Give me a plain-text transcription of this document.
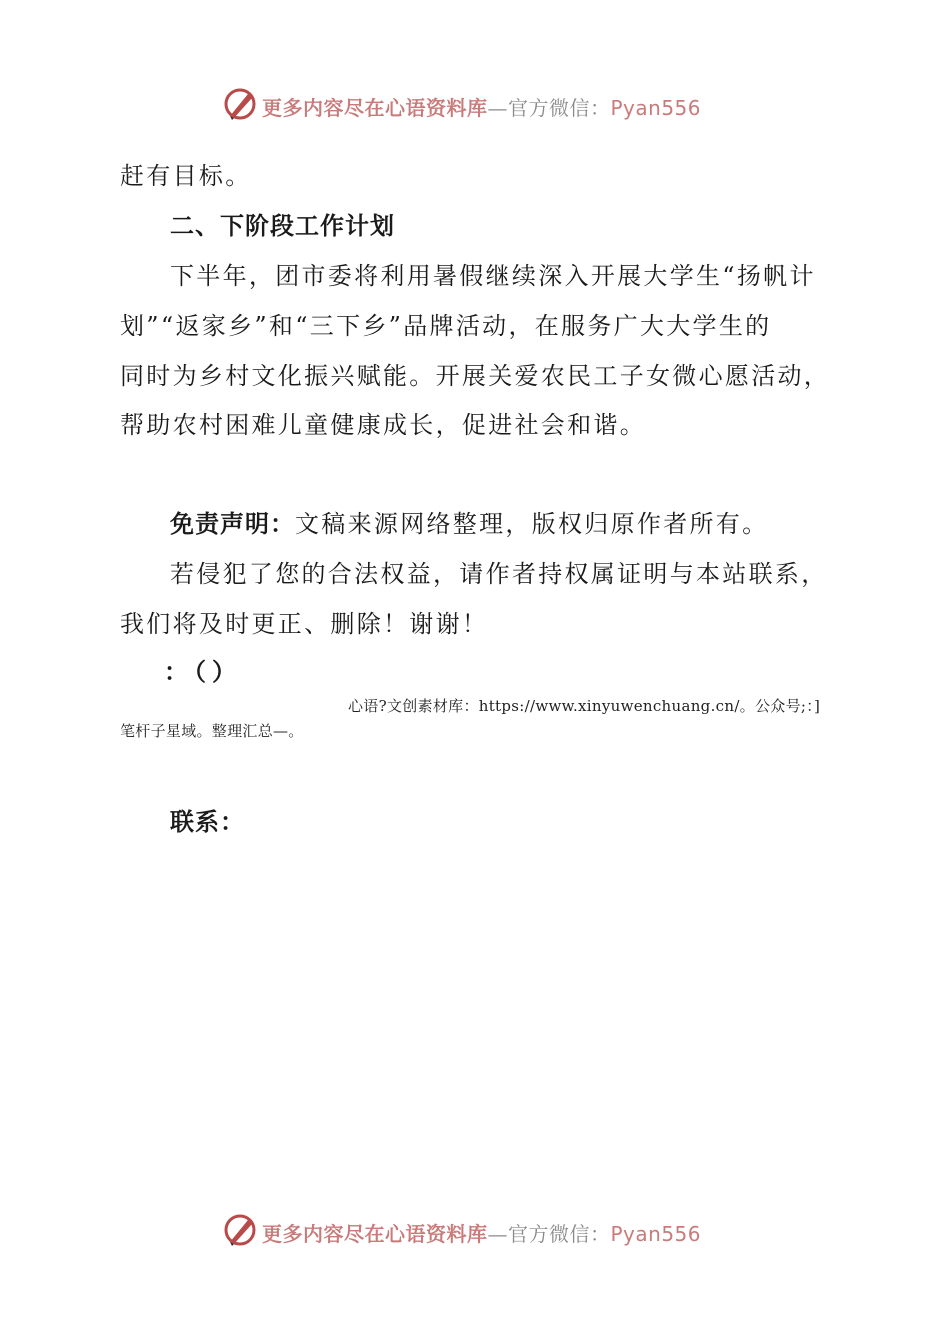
更多内容尽在心语资料库—官方微信：Pyan556
赶有目标。
二、下阶段工作计划
下半年，团市委将利用暑假继续深入开展大学生“扬帆计
划”“返家乡”和“三下乡”品牌活动，在服务广大大学生的
同时为乡村文化振兴赋能。开展关爱农民工子女微心愿活动，
帮助农村困难儿童健康成长，促进社会和谐。
免责声明：文稿来源网络整理，版权归原作者所有。
若侵犯了您的合法权益，请作者持权属证明与本站联系，
我们将及时更正、删除！谢谢！
：（）
心语?文创素材库：https://www.xinyuwenchuang.cn/。公众号;：]
笔杆子星域。整理汇总—。
联系：
更多内容尽在心语资料库—官方微信：Pyan556
